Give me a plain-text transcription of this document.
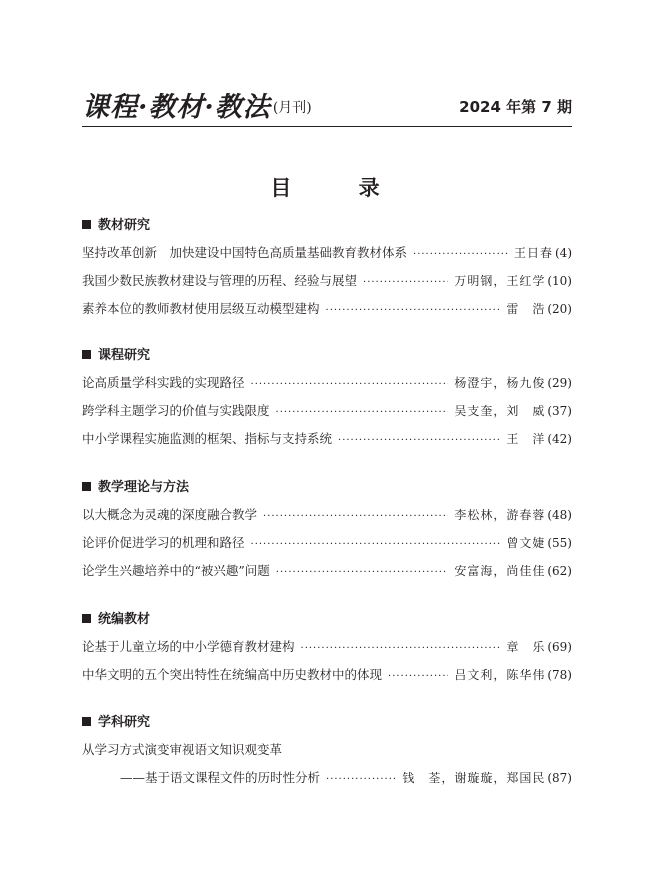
课程·教材·教法 (月刊)	2024 年第 7 期
目 录
教材研究
坚持改革创新　加快建设中国特色高质量基础教育教材体系 ·····	王日春 (4)
我国少数民族教材建设与管理的历程、经验与展望 ·····	万明钢，王红学 (10)
素养本位的教师教材使用层级互动模型建构 ·····	雷　浩 (20)
课程研究
论高质量学科实践的实现路径 ·····	杨澄宇，杨九俊 (29)
跨学科主题学习的价值与实践限度 ·····	吴支奎，刘　威 (37)
中小学课程实施监测的框架、指标与支持系统 ·····	王　洋 (42)
教学理论与方法
以大概念为灵魂的深度融合教学 ·····	李松林，游春蓉 (48)
论评价促进学习的机理和路径 ·····	曾文婕 (55)
论学生兴趣培养中的“被兴趣”问题 ·····	安富海，尚佳佳 (62)
统编教材
论基于儿童立场的中小学德育教材建构 ·····	章　乐 (69)
中华文明的五个突出特性在统编高中历史教材中的体现 ·····	吕文利，陈华伟 (78)
学科研究
从学习方式演变审视语文知识观变革
——基于语文课程文件的历时性分析 ·····	钱　荃，谢璇璇，郑国民 (87)
